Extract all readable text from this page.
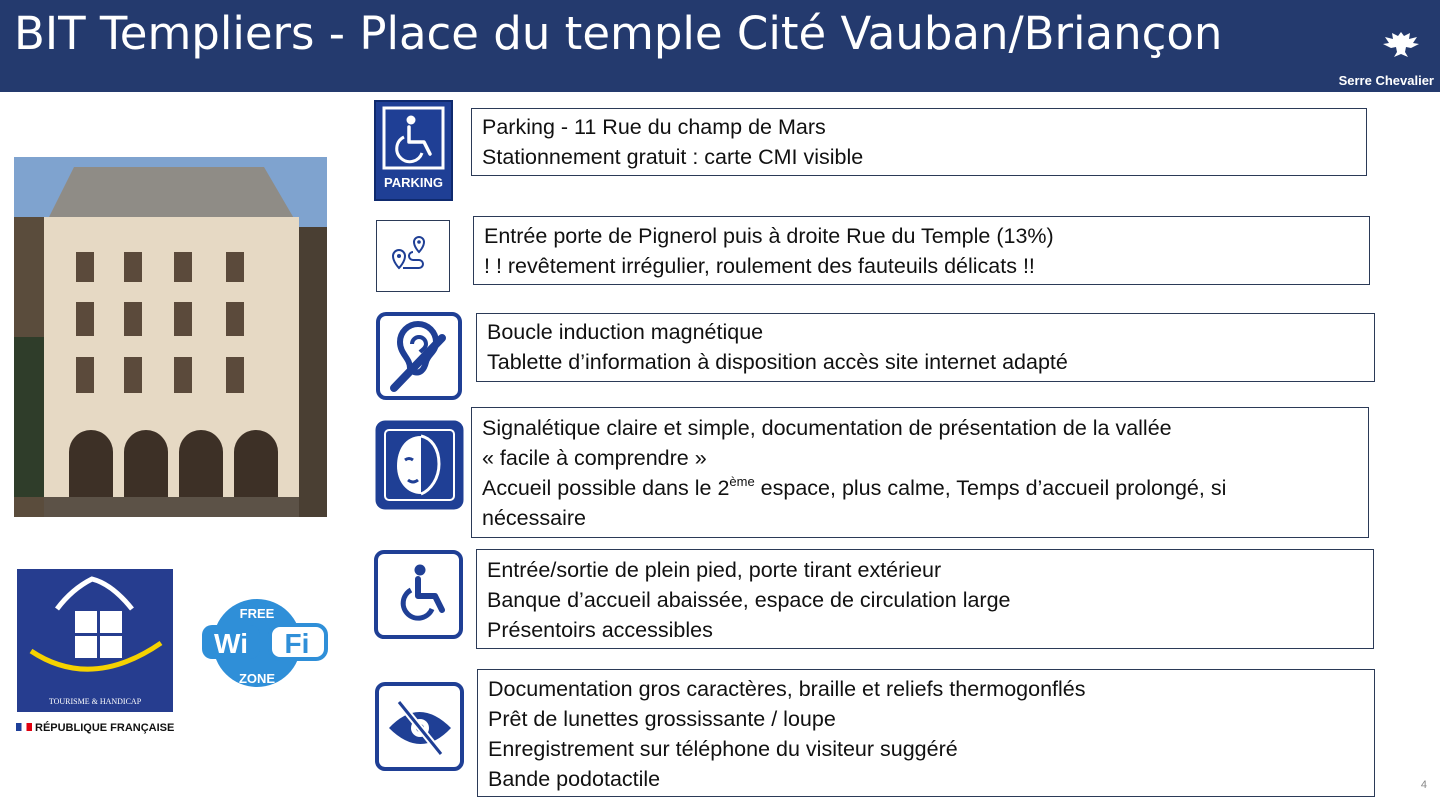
BIT Templiers - Place du temple Cité Vauban/Briançon
Serre Chevalier
PARKING
Parking - 11 Rue du champ de Mars
Stationnement gratuit : carte CMI visible
Entrée porte de Pignerol puis à droite Rue du Temple (13%)
! ! revêtement irrégulier, roulement des fauteuils délicats !!
Boucle induction magnétique
Tablette d’information à disposition accès site internet adapté
Signalétique claire et simple, documentation de présentation de la vallée
« facile à comprendre »
Accueil possible dans le 2ème espace, plus calme, Temps d’accueil prolongé, si
nécessaire
Entrée/sortie de plein pied, porte tirant extérieur
Banque d’accueil abaissée, espace de circulation large
Présentoirs accessibles
Documentation gros caractères, braille et reliefs thermogonflés
Prêt de lunettes grossissante / loupe
Enregistrement sur téléphone du visiteur suggéré
Bande podotactile
TOURISME & HANDICAP
RÉPUBLIQUE FRANÇAISE
FREE
Wi Fi
ZONE
4
